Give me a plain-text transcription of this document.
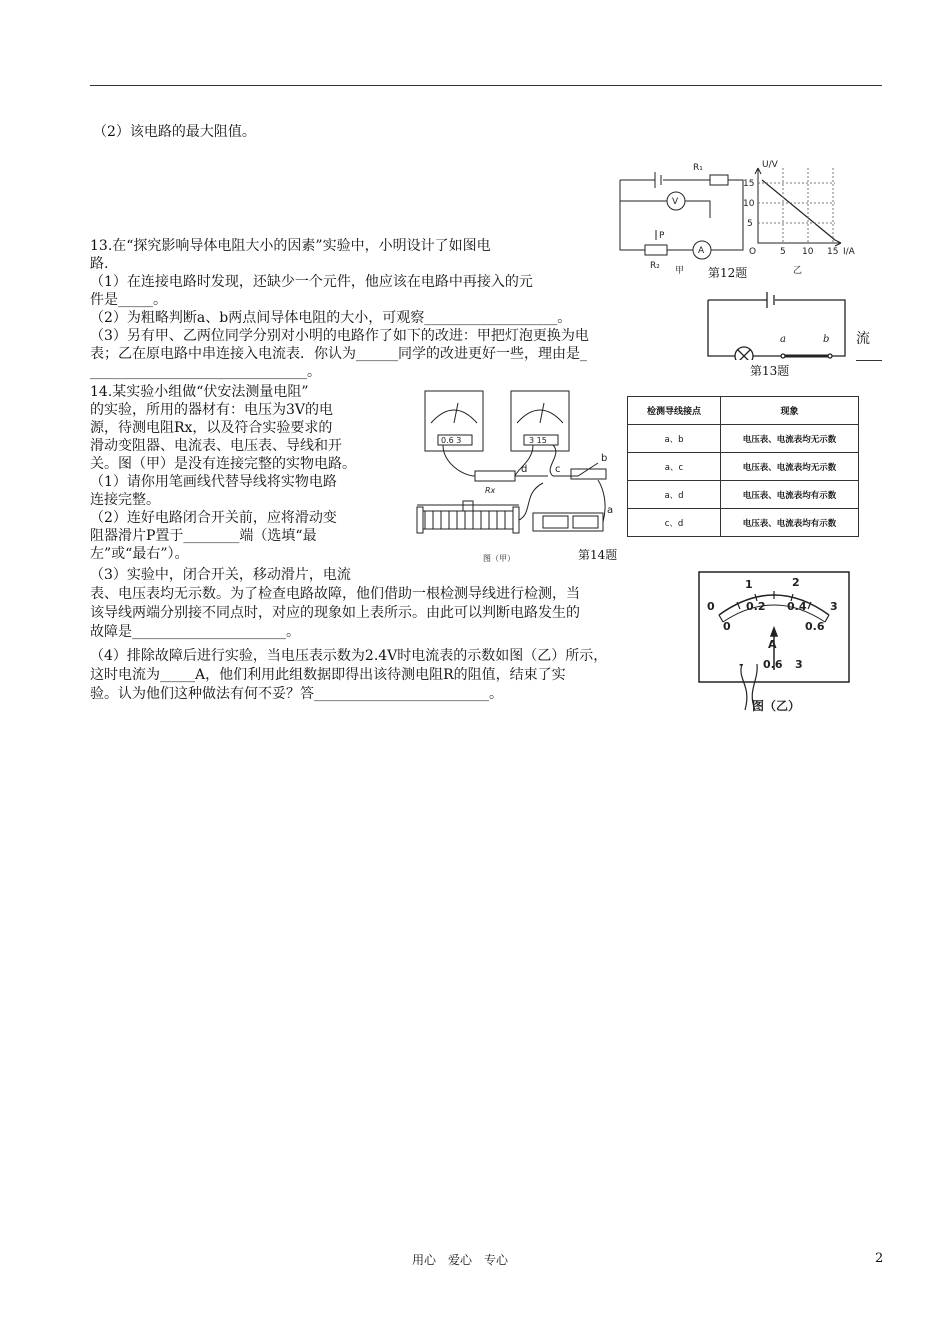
（2）该电路的最大阻值。
R₁
V
P
R₂
A
甲
U/V
I/A
O
15
10
5
5 10 15
乙
第12题
13.在“探究影响导体电阻大小的因素”实验中，小明设计了如图电
路.
（1）在连接电路时发现，还缺少一个元件，他应该在电路中再接入的元
件是_____。
（2）为粗略判断a、b两点间导体电阻的大小，可观察___________________。
（3）另有甲、乙两位同学分别对小明的电路作了如下的改进：甲把灯泡更换为电
表；乙在原电路中串连接入电流表．你认为______同学的改进更好一些，理由是_
_______________________________。
流
a	b
第13题
14.某实验小组做“伏安法测量电阻”
的实验，所用的器材有：电压为3V的电
源，待测电阻Rx，以及符合实验要求的
滑动变阻器、电流表、电压表、导线和开
关。图（甲）是没有连接完整的实物电路。
（1）请你用笔画线代替导线将实物电路
连接完整。
（2）连好电路闭合开关前，应将滑动变
阻器滑片P置于________端（选填“最
左”或“最右”）。
（3）实验中，闭合开关，移动滑片，电流
表、电压表均无示数。为了检查电路故障，他们借助一根检测导线进行检测，当
该导线两端分别接不同点时，对应的现象如上表所示。由此可以判断电路发生的
故障是______________________。
（4）排除故障后进行实验，当电压表示数为2.4V时电流表的示数如图（乙）所示，
这时电流为_____A，他们利用此组数据即得出该待测电阻R的阻值，结束了实
验。认为他们这种做法有何不妥？答_________________________。
0.6 3	3 15
Rx
d	c
b
a
图（甲）	第14题
检测导线接点	现象
a、b	电压表、电流表均无示数
a、c	电压表、电流表均无示数
a、d	电压表、电流表均有示数
c、d	电压表、电流表均有示数
0
1	2
3
0
0.2 0.4
0.6
A
- 0.6 3
图（乙）
用心　爱心　专心	2
